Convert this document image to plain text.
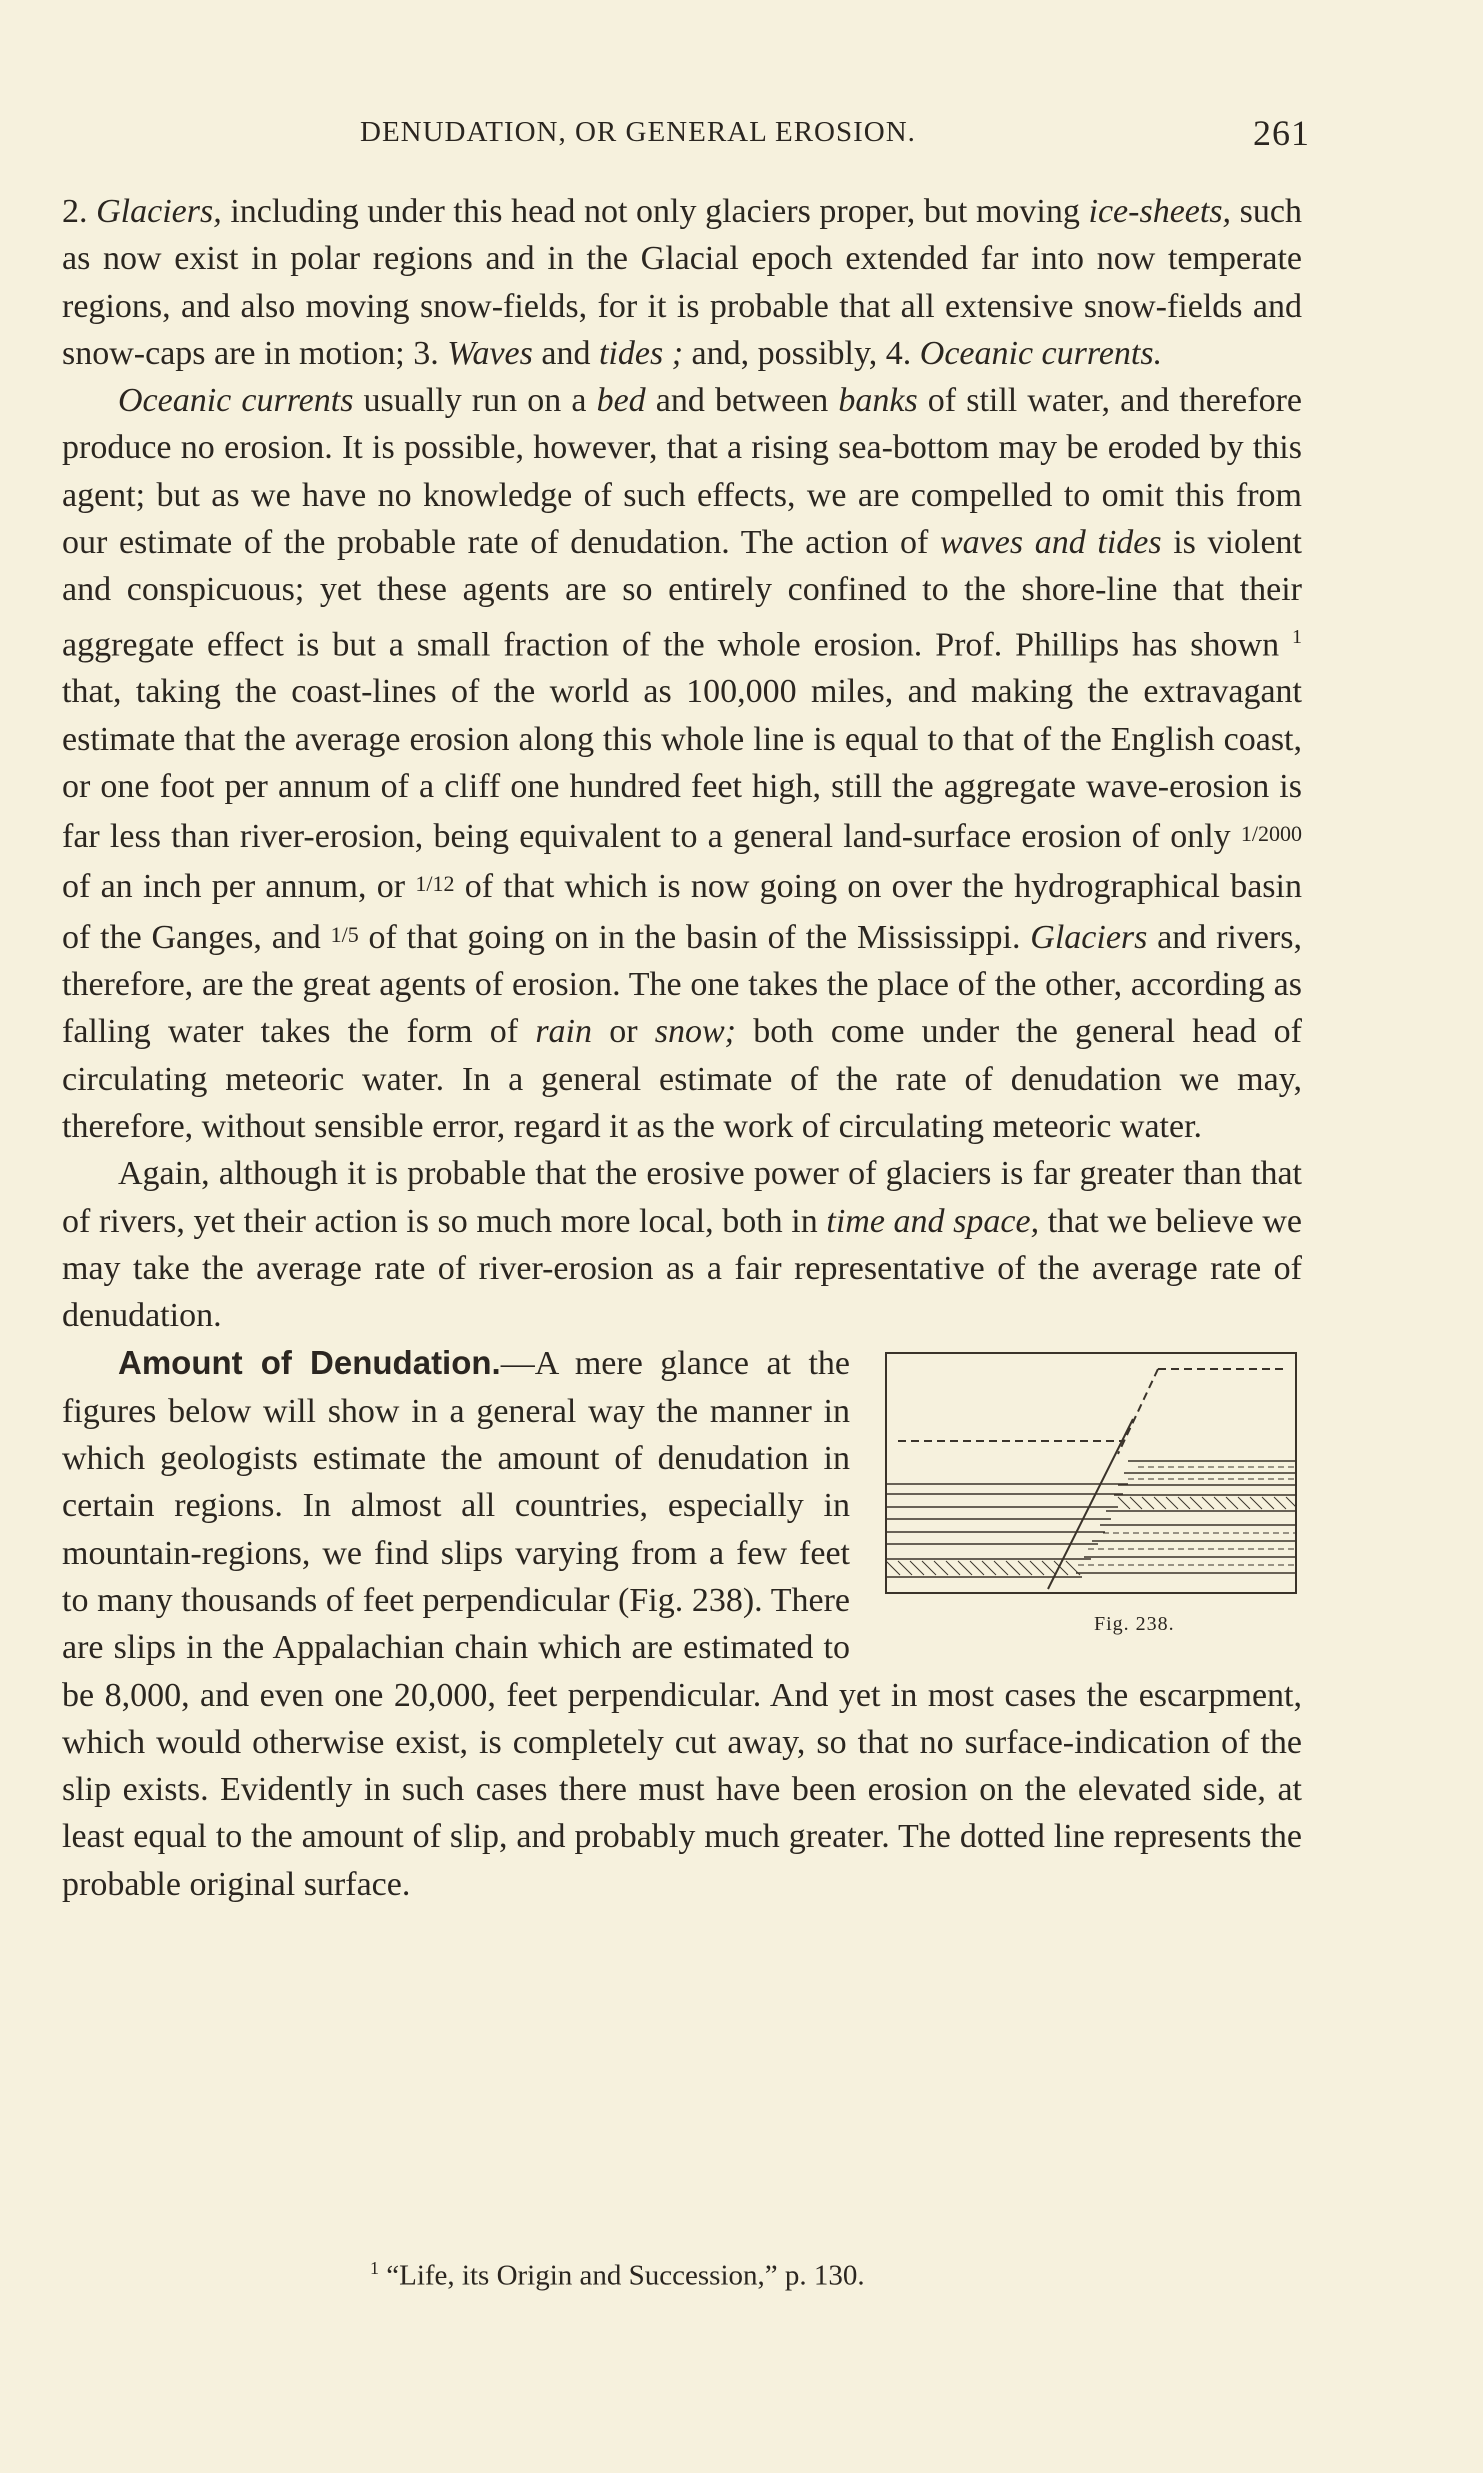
DENUDATION, OR GENERAL EROSION.	261

2. Glaciers, including under this head not only glaciers proper, but moving ice-sheets, such as now exist in polar regions and in the Glacial epoch extended far into now temperate regions, and also moving snow-fields, for it is probable that all extensive snow-fields and snow-caps are in motion; 3. Waves and tides ; and, possibly, 4. Oceanic currents.

Oceanic currents usually run on a bed and between banks of still water, and therefore produce no erosion. It is possible, however, that a rising sea-bottom may be eroded by this agent; but as we have no knowledge of such effects, we are compelled to omit this from our estimate of the probable rate of denudation. The action of waves and tides is violent and conspicuous; yet these agents are so entirely confined to the shore-line that their aggregate effect is but a small fraction of the whole erosion. Prof. Phillips has shown $^1$ that, taking the coast-lines of the world as 100,000 miles, and making the extravagant estimate that the average erosion along this whole line is equal to that of the English coast, or one foot per annum of a cliff one hundred feet high, still the aggregate wave-erosion is far less than river-erosion, being equivalent to a general land-surface erosion of only 1/2000 of an inch per annum, or 1/12 of that which is now going on over the hydrographical basin of the Ganges, and 1/5 of that going on in the basin of the Mississippi. Glaciers and rivers, therefore, are the great agents of erosion. The one takes the place of the other, according as falling water takes the form of rain or snow; both come under the general head of circulating meteoric water. In a general estimate of the rate of denudation we may, therefore, without sensible error, regard it as the work of circulating meteoric water.

Again, although it is probable that the erosive power of glaciers is far greater than that of rivers, yet their action is so much more local, both in time and space, that we believe we may take the average rate of river-erosion as a fair representative of the average rate of denudation.

Fig. 238.
Amount of Denudation.—A mere glance at the figures below will show in a general way the manner in which geologists estimate the amount of denudation in certain regions. In almost all countries, especially in mountain-regions, we find slips varying from a few feet to many thousands of feet perpendicular (Fig. 238). There are slips in the Appalachian chain which are estimated to be 8,000, and even one 20,000, feet perpendicular. And yet in most cases the escarpment, which would otherwise exist, is completely cut away, so that no surface-indication of the slip exists. Evidently in such cases there must have been erosion on the elevated side, at least equal to the amount of slip, and probably much greater. The dotted line represents the probable original surface.

$^1$ “Life, its Origin and Succession,” p. 130.
